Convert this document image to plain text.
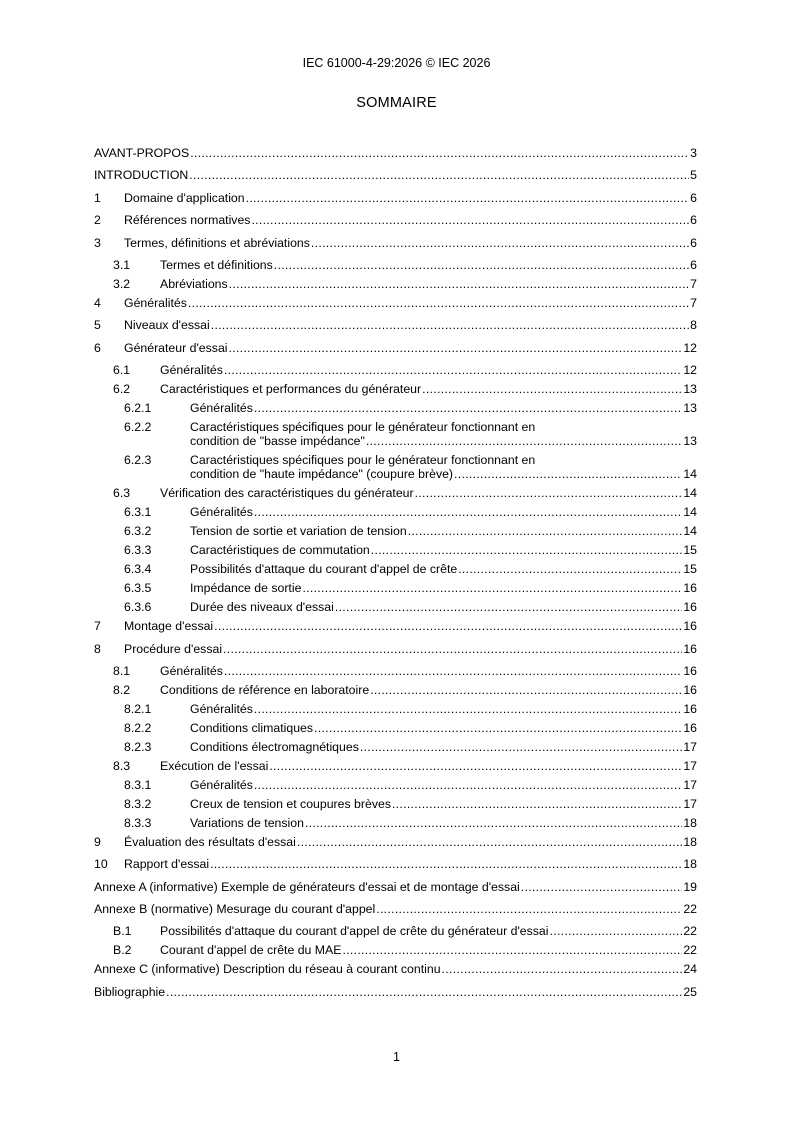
IEC 61000-4-29:2026 © IEC 2026
SOMMAIRE
AVANT-PROPOS .....	3
INTRODUCTION .....	5
1	Domaine d'application .....	6
2	Références normatives .....	6
3	Termes, définitions et abréviations .....	6
3.1	Termes et définitions .....	6
3.2	Abréviations .....	7
4	Généralités .....	7
5	Niveaux d'essai .....	8
6	Générateur d'essai .....	12
6.1	Généralités .....	12
6.2	Caractéristiques et performances du générateur .....	13
6.2.1	Généralités .....	13
6.2.2	Caractéristiques spécifiques pour le générateur fonctionnant en
condition de "basse impédance" .....	13
6.2.3	Caractéristiques spécifiques pour le générateur fonctionnant en
condition de "haute impédance" (coupure brève) .....	14
6.3	Vérification des caractéristiques du générateur .....	14
6.3.1	Généralités .....	14
6.3.2	Tension de sortie et variation de tension .....	14
6.3.3	Caractéristiques de commutation .....	15
6.3.4	Possibilités d'attaque du courant d'appel de crête .....	15
6.3.5	Impédance de sortie .....	16
6.3.6	Durée des niveaux d'essai .....	16
7	Montage d'essai .....	16
8	Procédure d'essai .....	16
8.1	Généralités .....	16
8.2	Conditions de référence en laboratoire .....	16
8.2.1	Généralités .....	16
8.2.2	Conditions climatiques .....	16
8.2.3	Conditions électromagnétiques .....	17
8.3	Exécution de l'essai .....	17
8.3.1	Généralités .....	17
8.3.2	Creux de tension et coupures brèves .....	17
8.3.3	Variations de tension .....	18
9	Évaluation des résultats d'essai .....	18
10	Rapport d'essai .....	18
Annexe A (informative) Exemple de générateurs d'essai et de montage d'essai .....	19
Annexe B (normative) Mesurage du courant d'appel .....	22
B.1	Possibilités d'attaque du courant d'appel de crête du générateur d'essai .....	22
B.2	Courant d'appel de crête du MAE .....	22
Annexe C (informative) Description du réseau à courant continu .....	24
Bibliographie .....	25
1
